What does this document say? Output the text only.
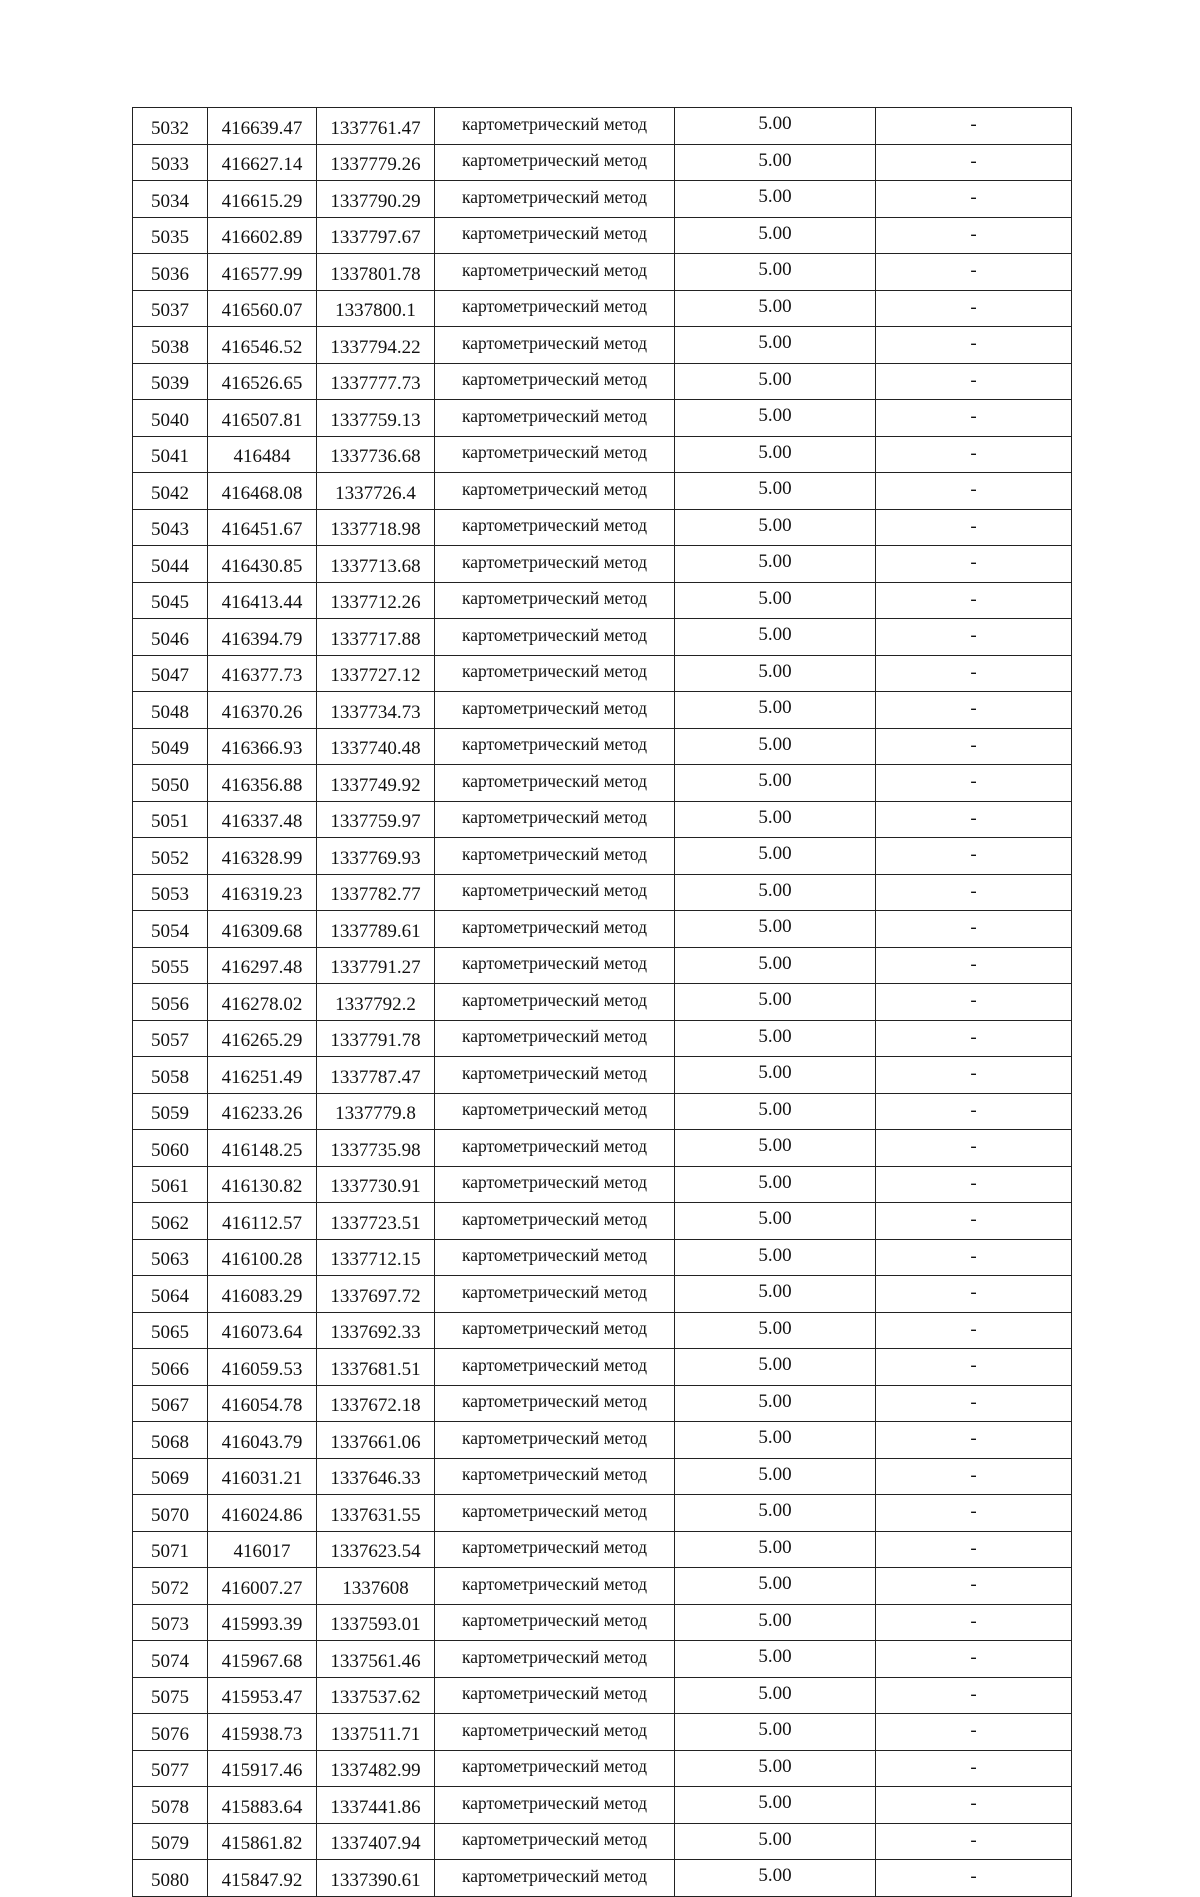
5032	416639.47	1337761.47	картометрический метод	5.00	-
5033	416627.14	1337779.26	картометрический метод	5.00	-
5034	416615.29	1337790.29	картометрический метод	5.00	-
5035	416602.89	1337797.67	картометрический метод	5.00	-
5036	416577.99	1337801.78	картометрический метод	5.00	-
5037	416560.07	1337800.1	картометрический метод	5.00	-
5038	416546.52	1337794.22	картометрический метод	5.00	-
5039	416526.65	1337777.73	картометрический метод	5.00	-
5040	416507.81	1337759.13	картометрический метод	5.00	-
5041	416484	1337736.68	картометрический метод	5.00	-
5042	416468.08	1337726.4	картометрический метод	5.00	-
5043	416451.67	1337718.98	картометрический метод	5.00	-
5044	416430.85	1337713.68	картометрический метод	5.00	-
5045	416413.44	1337712.26	картометрический метод	5.00	-
5046	416394.79	1337717.88	картометрический метод	5.00	-
5047	416377.73	1337727.12	картометрический метод	5.00	-
5048	416370.26	1337734.73	картометрический метод	5.00	-
5049	416366.93	1337740.48	картометрический метод	5.00	-
5050	416356.88	1337749.92	картометрический метод	5.00	-
5051	416337.48	1337759.97	картометрический метод	5.00	-
5052	416328.99	1337769.93	картометрический метод	5.00	-
5053	416319.23	1337782.77	картометрический метод	5.00	-
5054	416309.68	1337789.61	картометрический метод	5.00	-
5055	416297.48	1337791.27	картометрический метод	5.00	-
5056	416278.02	1337792.2	картометрический метод	5.00	-
5057	416265.29	1337791.78	картометрический метод	5.00	-
5058	416251.49	1337787.47	картометрический метод	5.00	-
5059	416233.26	1337779.8	картометрический метод	5.00	-
5060	416148.25	1337735.98	картометрический метод	5.00	-
5061	416130.82	1337730.91	картометрический метод	5.00	-
5062	416112.57	1337723.51	картометрический метод	5.00	-
5063	416100.28	1337712.15	картометрический метод	5.00	-
5064	416083.29	1337697.72	картометрический метод	5.00	-
5065	416073.64	1337692.33	картометрический метод	5.00	-
5066	416059.53	1337681.51	картометрический метод	5.00	-
5067	416054.78	1337672.18	картометрический метод	5.00	-
5068	416043.79	1337661.06	картометрический метод	5.00	-
5069	416031.21	1337646.33	картометрический метод	5.00	-
5070	416024.86	1337631.55	картометрический метод	5.00	-
5071	416017	1337623.54	картометрический метод	5.00	-
5072	416007.27	1337608	картометрический метод	5.00	-
5073	415993.39	1337593.01	картометрический метод	5.00	-
5074	415967.68	1337561.46	картометрический метод	5.00	-
5075	415953.47	1337537.62	картометрический метод	5.00	-
5076	415938.73	1337511.71	картометрический метод	5.00	-
5077	415917.46	1337482.99	картометрический метод	5.00	-
5078	415883.64	1337441.86	картометрический метод	5.00	-
5079	415861.82	1337407.94	картометрический метод	5.00	-
5080	415847.92	1337390.61	картометрический метод	5.00	-
